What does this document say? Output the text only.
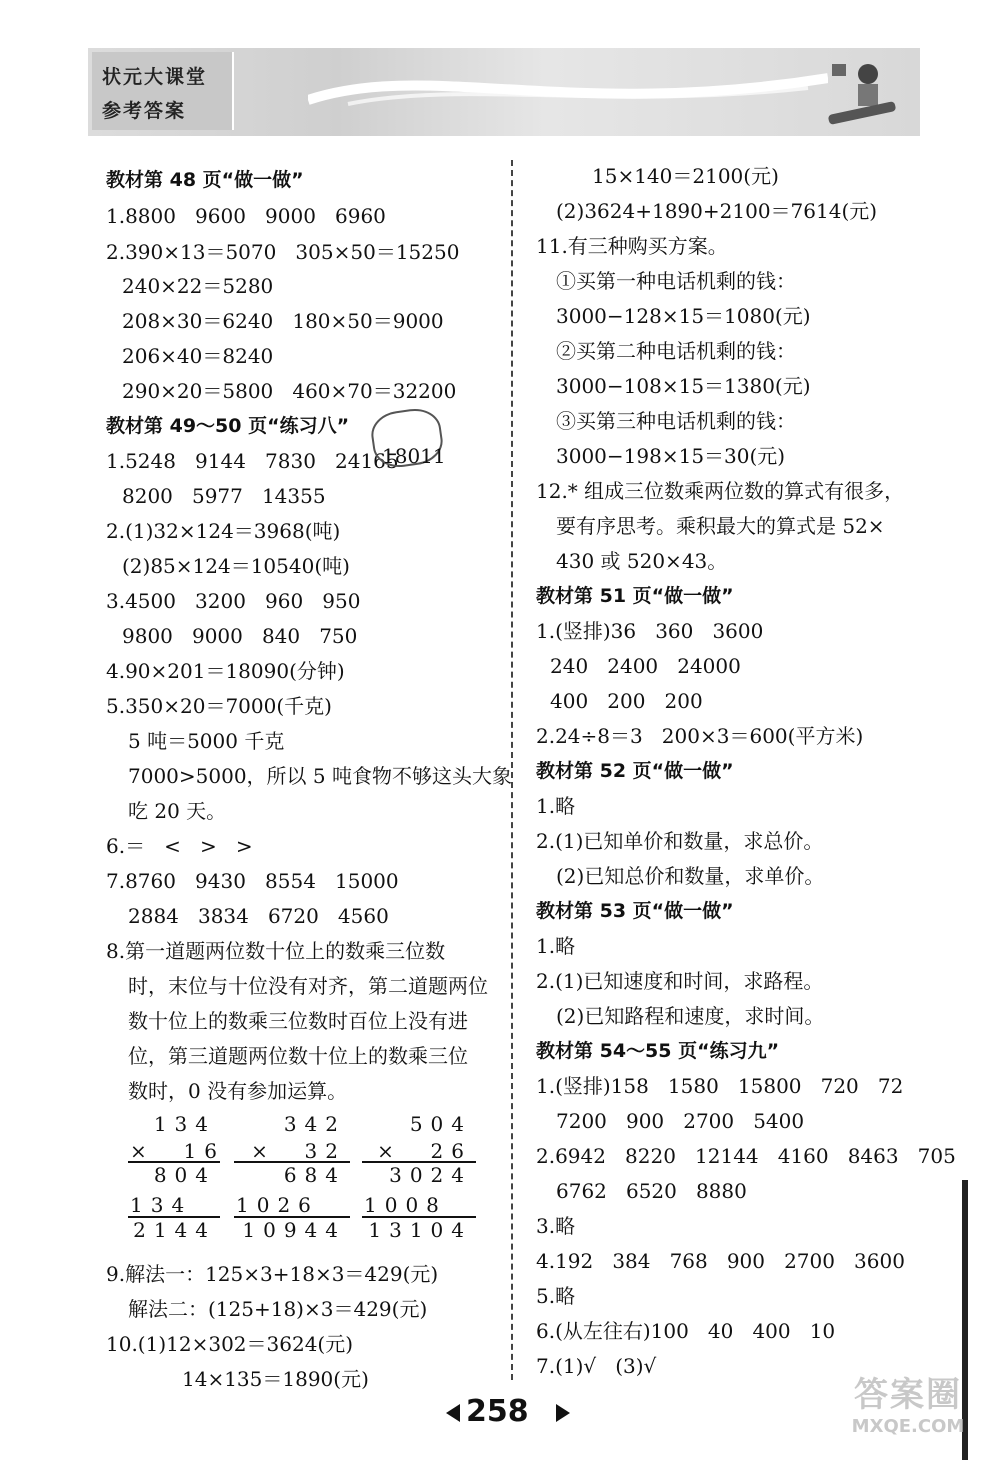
状元大课堂
参考答案
教材第 48 页“做一做”
1.8800   9600   9000   6960
2.390×13＝5070   305×50＝15250
240×22＝5280
208×30＝6240   180×50＝9000
206×40＝8240
290×20＝5800   460×70＝32200
教材第 49～50 页“练习八”
1.5248   9144   7830   24165
8200   5977   14355
2.(1)32×124＝3968(吨)
(2)85×124＝10540(吨)
3.4500   3200   960   950
9800   9000   840   750
4.90×201＝18090(分钟)
5.350×20＝7000(千克)
5 吨＝5000 千克
7000>5000，所以 5 吨食物不够这头大象
吃 20 天。
6.＝   <   >   >
7.8760   9430   8554   15000
2884   3834   6720   4560
8.第一道题两位数十位上的数乘三位数
时，末位与十位没有对齐，第二道题两位
数十位上的数乘三位数时百位上没有进
位，第三道题两位数十位上的数乘三位
数时，0 没有参加运算。
9.解法一：125×3+18×3＝429(元)
解法二：(125+18)×3＝429(元)
10.(1)12×302＝3624(元)
14×135＝1890(元)
15×140＝2100(元)
(2)3624+1890+2100＝7614(元)
11.有三种购买方案。
①买第一种电话机剩的钱：
3000−128×15＝1080(元)
②买第二种电话机剩的钱：
3000−108×15＝1380(元)
③买第三种电话机剩的钱：
3000−198×15＝30(元)
12.* 组成三位数乘两位数的算式有很多，
要有序思考。乘积最大的算式是 52×
430 或 520×43。
教材第 51 页“做一做”
1.(竖排)36   360   3600
240   2400   24000
400   200   200
2.24÷8＝3   200×3＝600(平方米)
教材第 52 页“做一做”
1.略
2.(1)已知单价和数量，求总价。
(2)已知总价和数量，求单价。
教材第 53 页“做一做”
1.略
2.(1)已知速度和时间，求路程。
(2)已知路程和速度，求时间。
教材第 54～55 页“练习九”
1.(竖排)158   1580   15800   720   72
7200   900   2700   5400
2.6942   8220   12144   4160   8463   705
6762   6520   8880
3.略
4.192   384   768   900   2700   3600
5.略
6.(从左往右)100   40   400   10
7.(1)√   (3)√
18011
134
×  16
804
134
2144
342
×  32
684
1026
10944
504
×  26
3024
1008
13104
258	答案圈
MXQE.COM
